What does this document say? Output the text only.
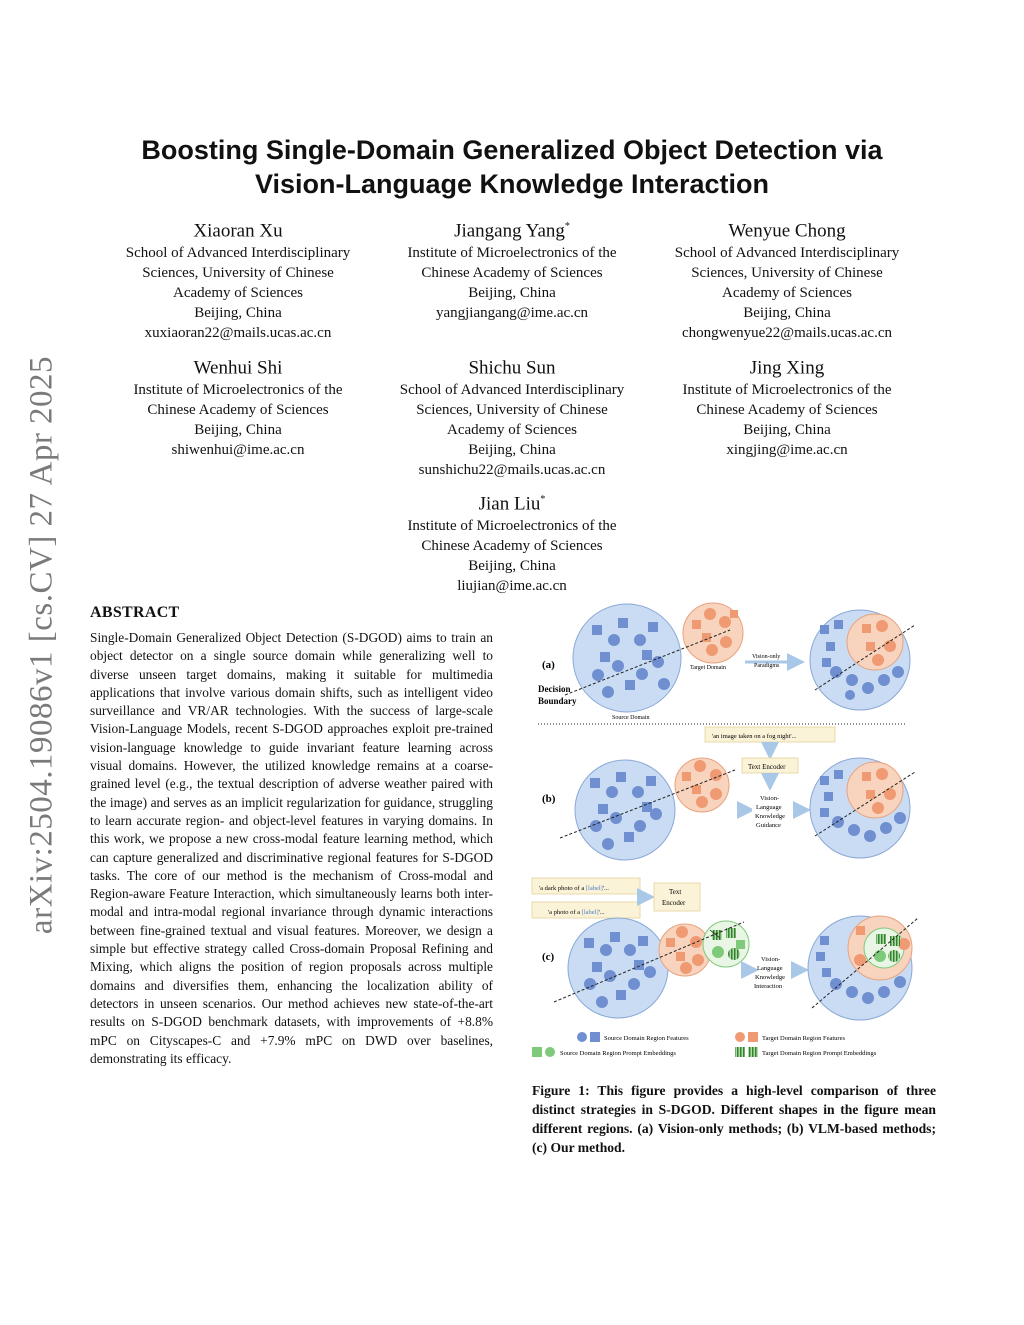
arXiv:2504.19086v1 [cs.CV] 27 Apr 2025
Boosting Single-Domain Generalized Object Detection via
Vision-Language Knowledge Interaction
Xiaoran Xu
School of Advanced Interdisciplinary
Sciences, University of Chinese
Academy of Sciences
Beijing, China
xuxiaoran22@mails.ucas.ac.cn
Jiangang Yang*
Institute of Microelectronics of the
Chinese Academy of Sciences
Beijing, China
yangjiangang@ime.ac.cn
Wenyue Chong
School of Advanced Interdisciplinary
Sciences, University of Chinese
Academy of Sciences
Beijing, China
chongwenyue22@mails.ucas.ac.cn
Wenhui Shi
Institute of Microelectronics of the
Chinese Academy of Sciences
Beijing, China
shiwenhui@ime.ac.cn
Shichu Sun
School of Advanced Interdisciplinary
Sciences, University of Chinese
Academy of Sciences
Beijing, China
sunshichu22@mails.ucas.ac.cn
Jing Xing
Institute of Microelectronics of the
Chinese Academy of Sciences
Beijing, China
xingjing@ime.ac.cn
Jian Liu*
Institute of Microelectronics of the
Chinese Academy of Sciences
Beijing, China
liujian@ime.ac.cn
ABSTRACT
Single-Domain Generalized Object Detection (S-DGOD) aims to train an object detector on a single source domain while generalizing well to diverse unseen target domains, making it suitable for multimedia applications that involve various domain shifts, such as intelligent video surveillance and VR/AR technologies. With the success of large-scale Vision-Language Models, recent S-DGOD approaches exploit pre-trained vision-language knowledge to guide invariant feature learning across visual domains. However, the utilized knowledge remains at a coarse-grained level (e.g., the textual description of adverse weather paired with the image) and serves as an implicit regularization for guidance, struggling to learn accurate region- and object-level features in varying domains. In this work, we propose a new cross-modal feature learning method, which can capture generalized and discriminative regional features for S-DGOD tasks. The core of our method is the mechanism of Cross-modal and Region-aware Feature Interaction, which simultaneously learns both inter-modal and intra-modal regional invariance through dynamic interactions between fine-grained textual and visual features. Moreover, we design a simple but effective strategy called Cross-domain Proposal Refining and Mixing, which aligns the position of region proposals across multiple domains and diversifies them, enhancing the localization ability of detectors in unseen scenarios. Our method achieves new state-of-the-art results on S-DGOD benchmark datasets, with improvements of +8.8% mPC on Cityscapes-C and +7.9% mPC on DWD over baselines, demonstrating its efficacy.
(a)
Decision
Boundary
Target Domain
Source Domain
Vision-only
Paradigms
'an image taken on a fog night'...
Text Encoder
(b)	Vision-
Language
Knowledge
Guidance
'a dark photo of a [label]'...
'a photo of a [label]'...
Text
Encoder
(c)	Vision-
Language
Knowledge
Interaction
Source Domain Region Features	Target Domain Region Features
Source Domain Region Prompt Embeddings	Target Domain Region Prompt Embeddings
Figure 1: This figure provides a high-level comparison of three distinct strategies in S-DGOD. Different shapes in the figure mean different regions. (a) Vision-only methods; (b) VLM-based methods; (c) Our method.
